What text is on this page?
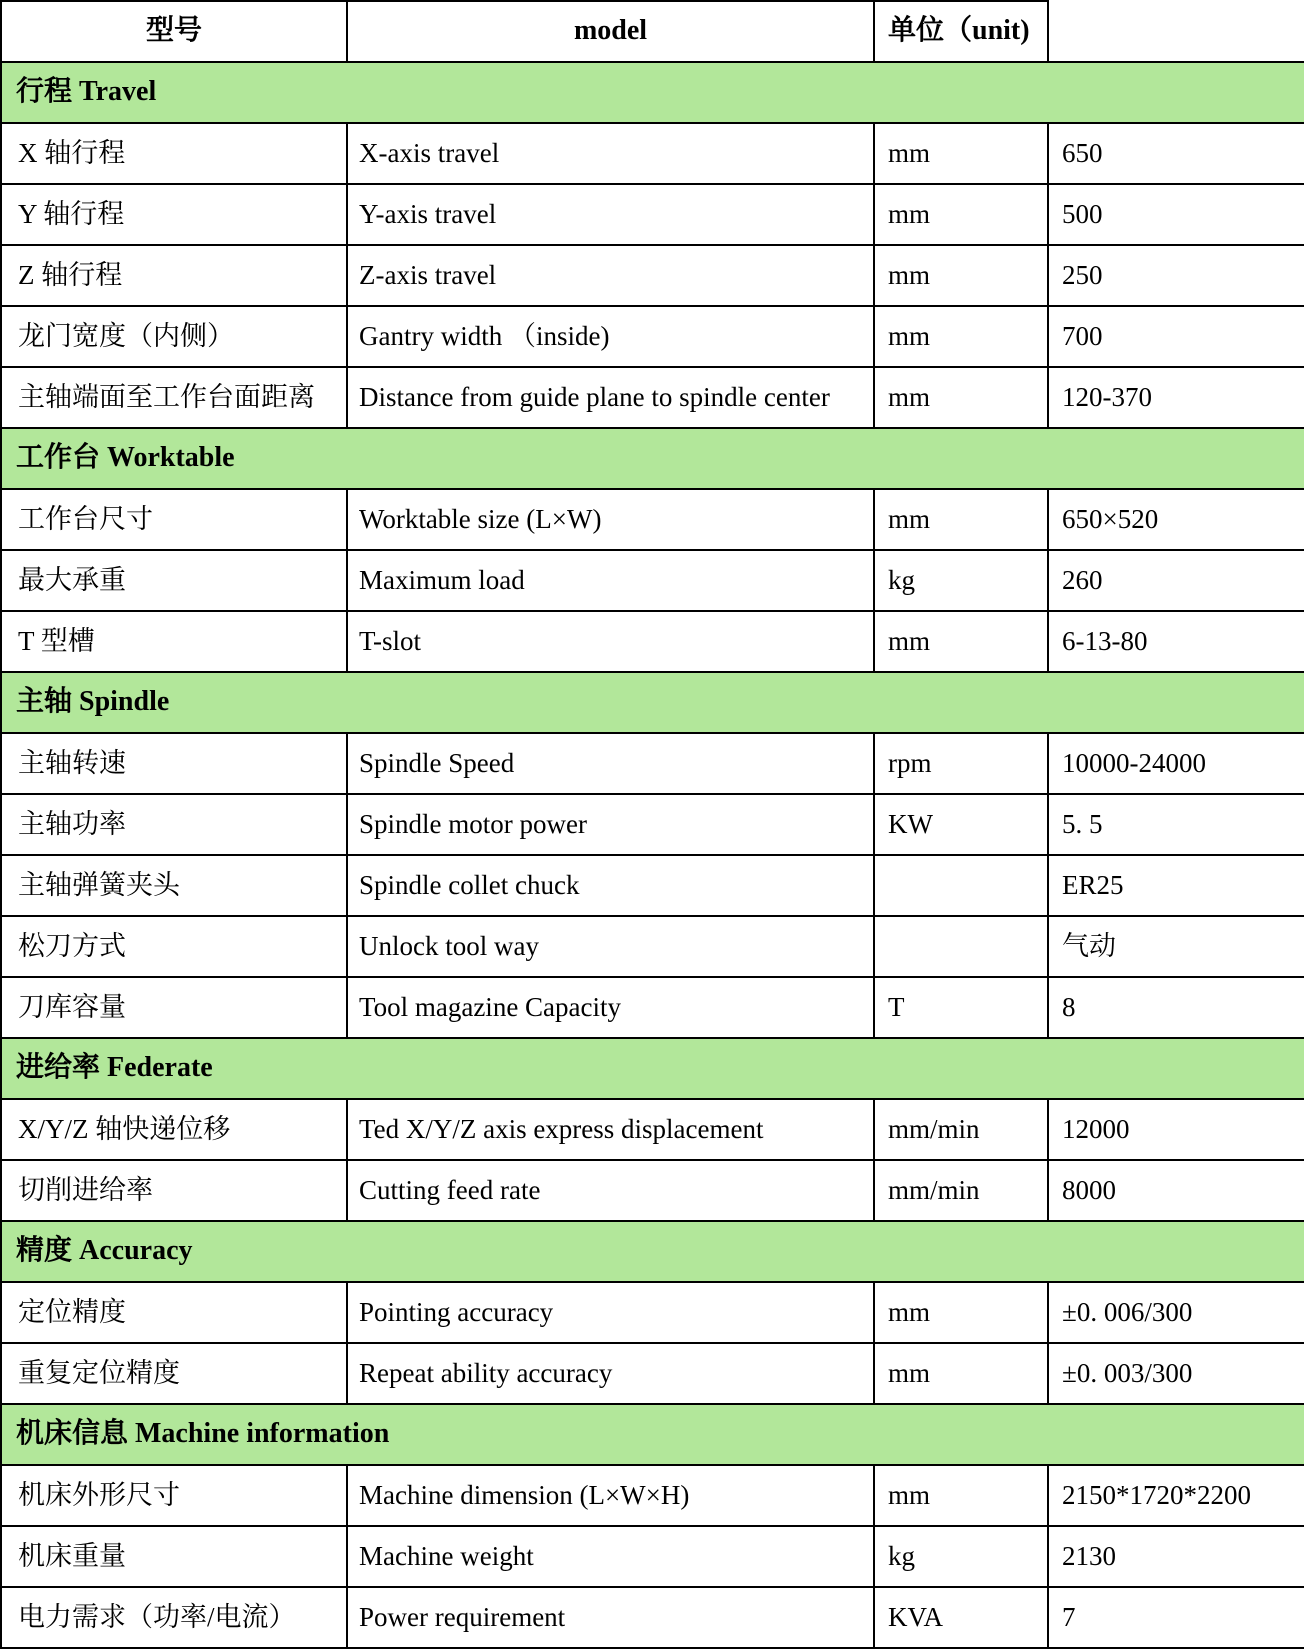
型号	model	单位（unit)	
行程 Travel			
X 轴行程	X-axis travel	mm	650
Y 轴行程	Y-axis travel	mm	500
Z 轴行程	Z-axis travel	mm	250
龙门宽度（内侧）	Gantry width （inside)	mm	700
主轴端面至工作台面距离	Distance from guide plane to spindle center	mm	120-370
工作台 Worktable			
工作台尺寸	Worktable size (L×W)	mm	650×520
最大承重	Maximum load	kg	260
T 型槽	T-slot	mm	6-13-80
主轴 Spindle			
主轴转速	Spindle Speed	rpm	10000-24000
主轴功率	Spindle motor power	KW	5. 5
主轴弹簧夹头	Spindle collet chuck		ER25
松刀方式	Unlock tool way		气动
刀库容量	Tool magazine Capacity	T	8
进给率 Federate			
X/Y/Z 轴快递位移	Ted X/Y/Z axis express displacement	mm/min	12000
切削进给率	Cutting feed rate	mm/min	8000
精度 Accuracy			
定位精度	Pointing accuracy	mm	±0. 006/300
重复定位精度	Repeat ability accuracy	mm	±0. 003/300
机床信息 Machine information			
机床外形尺寸	Machine dimension (L×W×H)	mm	2150*1720*2200
机床重量	Machine weight	kg	2130
电力需求（功率/电流）	Power requirement	KVA	7
